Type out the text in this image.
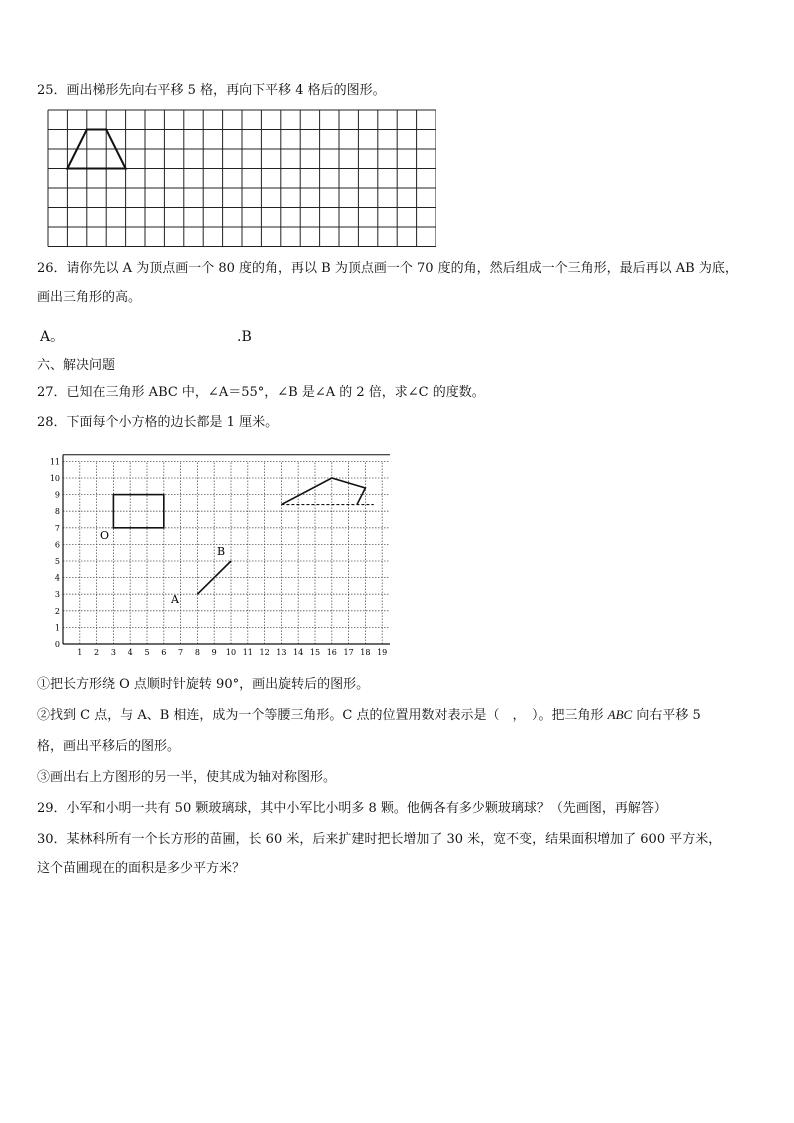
25．画出梯形先向右平移 5 格，再向下平移 4 格后的图形。
26．请你先以 A 为顶点画一个 80 度的角，再以 B 为顶点画一个 70 度的角，然后组成一个三角形，最后再以 AB 为底，
画出三角形的高。
A。	.B
六、解决问题
27．已知在三角形 ABC 中，∠A＝55°，∠B 是∠A 的 2 倍，求∠C 的度数。
28．下面每个小方格的边长都是 1 厘米。
1 2 3 4 5 6 7 8 9 10 11 12 13 14 15 16 17 18 19
0
1
2
3
4
5
6
7
8
9
10
11
O
A
B
①把长方形绕 O 点顺时针旋转 90°，画出旋转后的图形。
②找到 C 点，与 A、B 相连，成为一个等腰三角形。C 点的位置用数对表示是（　，　）。把三角形 ABC 向右平移 5
格，画出平移后的图形。
③画出右上方图形的另一半，使其成为轴对称图形。
29．小军和小明一共有 50 颗玻璃球，其中小军比小明多 8 颗。他俩各有多少颗玻璃球？（先画图，再解答）
30．某林科所有一个长方形的苗圃，长 60 米，后来扩建时把长增加了 30 米，宽不变，结果面积增加了 600 平方米，
这个苗圃现在的面积是多少平方米？
